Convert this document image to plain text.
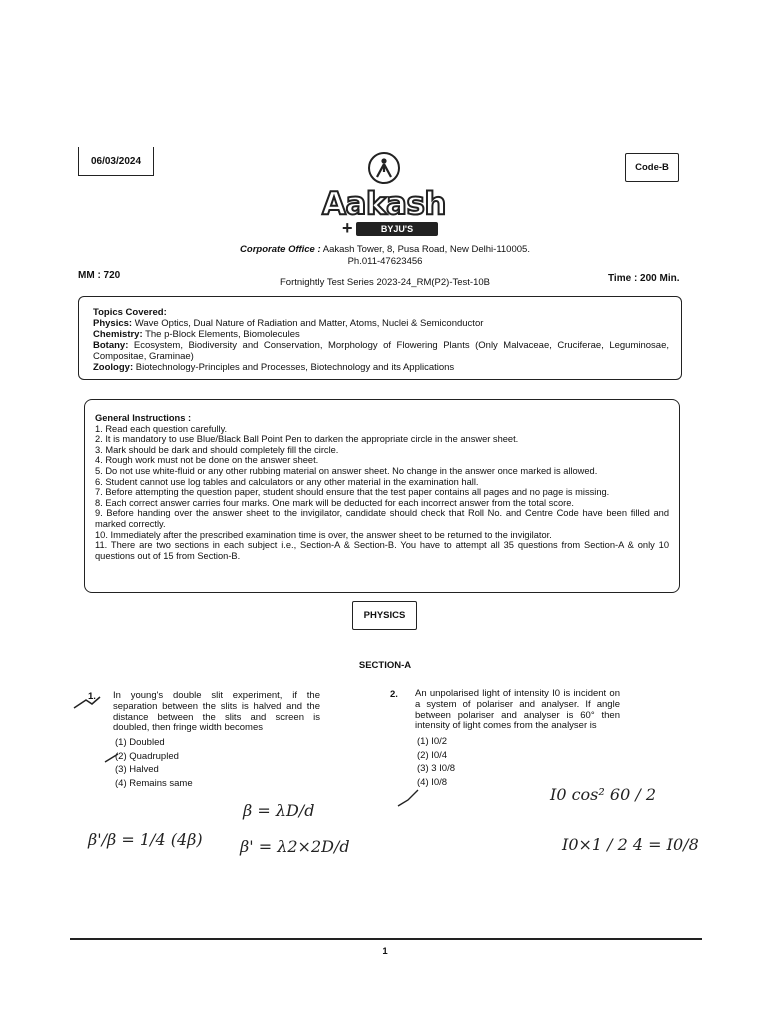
06/03/2024
Code-B
Aakash
+	BYJU'S
Corporate Office : Aakash Tower, 8, Pusa Road, New Delhi-110005.
Ph.011-47623456
MM : 720
Fortnightly Test Series 2023-24_RM(P2)-Test-10B	Time : 200 Min.
Topics Covered:
Physics: Wave Optics, Dual Nature of Radiation and Matter, Atoms, Nuclei & Semiconductor
Chemistry: The p-Block Elements, Biomolecules
Botany: Ecosystem, Biodiversity and Conservation, Morphology of Flowering Plants (Only Malvaceae, Cruciferae, Leguminosae, Compositae, Graminae)
Zoology: Biotechnology-Principles and Processes, Biotechnology and its Applications
General Instructions :
1. Read each question carefully.
2. It is mandatory to use Blue/Black Ball Point Pen to darken the appropriate circle in the answer sheet.
3. Mark should be dark and should completely fill the circle.
4. Rough work must not be done on the answer sheet.
5. Do not use white-fluid or any other rubbing material on answer sheet. No change in the answer once marked is allowed.
6. Student cannot use log tables and calculators or any other material in the examination hall.
7. Before attempting the question paper, student should ensure that the test paper contains all pages and no page is missing.
8. Each correct answer carries four marks. One mark will be deducted for each incorrect answer from the total score.
9. Before handing over the answer sheet to the invigilator, candidate should check that Roll No. and Centre Code have been filled and marked correctly.
10. Immediately after the prescribed examination time is over, the answer sheet to be returned to the invigilator.
11. There are two sections in each subject i.e., Section-A & Section-B. You have to attempt all 35 questions from Section-A & only 10 questions out of 15 from Section-B.
PHYSICS
SECTION-A
1. In young's double slit experiment, if the separation between the slits is halved and the distance between the slits and screen is doubled, then fringe width becomes
(1) Doubled
(2) Quadrupled
(3) Halved
(4) Remains same
2. An unpolarised light of intensity I0 is incident on a system of polariser and analyser. If angle between polariser and analyser is 60° then intensity of light comes from the analyser is
(1) I0/2
(2) I0/4
(3) 3 I0/8
(4) I0/8
β = λD/d
β' = λ2×2D/d
β'/β = 1/4 (4β)
I0 cos² 60 / 2
I0×1 / 2 4 = I0/8
1
